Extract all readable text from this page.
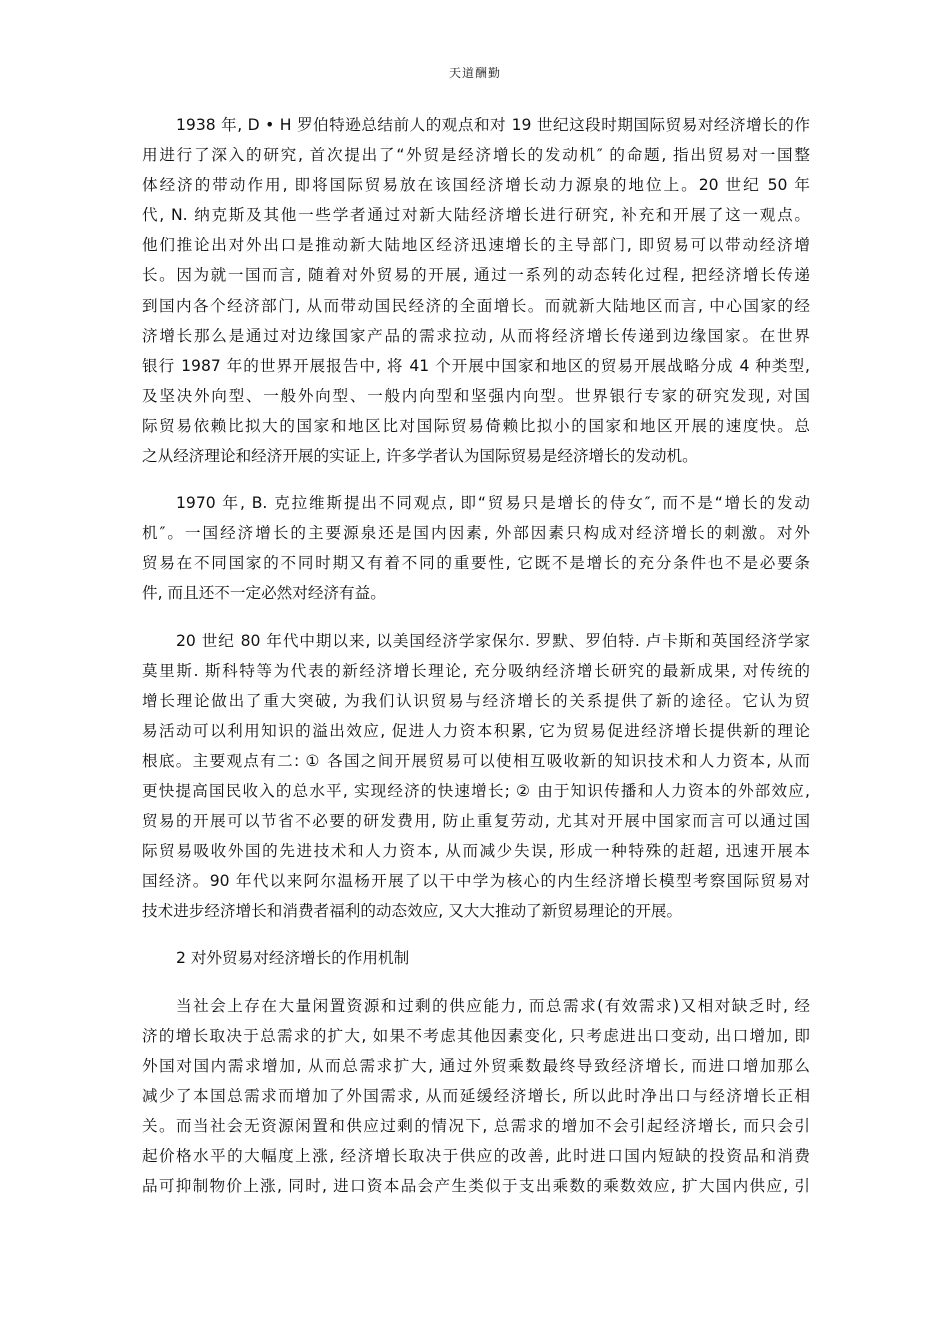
天道酬勤

1938 年, D • H 罗伯特逊总结前人的观点和对 19 世纪这段时期国际贸易对经济增长的作
用进行了深入的研究, 首次提出了“外贸是经济增长的发动机″ 的命题, 指出贸易对一国整
体经济的带动作用, 即将国际贸易放在该国经济增长动力源泉的地位上。20 世纪 50 年
代, N. 纳克斯及其他一些学者通过对新大陆经济增长进行研究, 补充和开展了这一观点。
他们推论出对外出口是推动新大陆地区经济迅速增长的主导部门, 即贸易可以带动经济增
长。因为就一国而言, 随着对外贸易的开展, 通过一系列的动态转化过程, 把经济增长传递
到国内各个经济部门, 从而带动国民经济的全面增长。而就新大陆地区而言, 中心国家的经
济增长那么是通过对边缘国家产品的需求拉动, 从而将经济增长传递到边缘国家。在世界
银行 1987 年的世界开展报告中, 将 41 个开展中国家和地区的贸易开展战略分成 4 种类型,
及坚决外向型、一般外向型、一般内向型和坚强内向型。世界银行专家的研究发现, 对国
际贸易依赖比拟大的国家和地区比对国际贸易倚赖比拟小的国家和地区开展的速度快。总
之从经济理论和经济开展的实证上, 许多学者认为国际贸易是经济增长的发动机。

1970 年, B. 克拉维斯提出不同观点, 即“贸易只是增长的侍女″, 而不是“增长的发动
机″。一国经济增长的主要源泉还是国内因素, 外部因素只构成对经济增长的刺激。对外
贸易在不同国家的不同时期又有着不同的重要性, 它既不是增长的充分条件也不是必要条
件, 而且还不一定必然对经济有益。

20 世纪 80 年代中期以来, 以美国经济学家保尔. 罗默、罗伯特. 卢卡斯和英国经济学家
莫里斯. 斯科特等为代表的新经济增长理论, 充分吸纳经济增长研究的最新成果, 对传统的
增长理论做出了重大突破, 为我们认识贸易与经济增长的关系提供了新的途径。它认为贸
易活动可以利用知识的溢出效应, 促进人力资本积累, 它为贸易促进经济增长提供新的理论
根底。主要观点有二: ① 各国之间开展贸易可以使相互吸收新的知识技术和人力资本, 从而
更快提高国民收入的总水平, 实现经济的快速增长; ② 由于知识传播和人力资本的外部效应,
贸易的开展可以节省不必要的研发费用, 防止重复劳动, 尤其对开展中国家而言可以通过国
际贸易吸收外国的先进技术和人力资本, 从而减少失误, 形成一种特殊的赶超, 迅速开展本
国经济。90 年代以来阿尔温杨开展了以干中学为核心的内生经济增长模型考察国际贸易对
技术进步经济增长和消费者福利的动态效应, 又大大推动了新贸易理论的开展。

2 对外贸易对经济增长的作用机制

当社会上存在大量闲置资源和过剩的供应能力, 而总需求(有效需求)又相对缺乏时, 经
济的增长取决于总需求的扩大, 如果不考虑其他因素变化, 只考虑进出口变动, 出口增加, 即
外国对国内需求增加, 从而总需求扩大, 通过外贸乘数最终导致经济增长, 而进口增加那么
减少了本国总需求而增加了外国需求, 从而延缓经济增长, 所以此时净出口与经济增长正相
关。而当社会无资源闲置和供应过剩的情况下, 总需求的增加不会引起经济增长, 而只会引
起价格水平的大幅度上涨, 经济增长取决于供应的改善, 此时进口国内短缺的投资品和消费
品可抑制物价上涨, 同时, 进口资本品会产生类似于支出乘数的乘数效应, 扩大国内供应, 引
